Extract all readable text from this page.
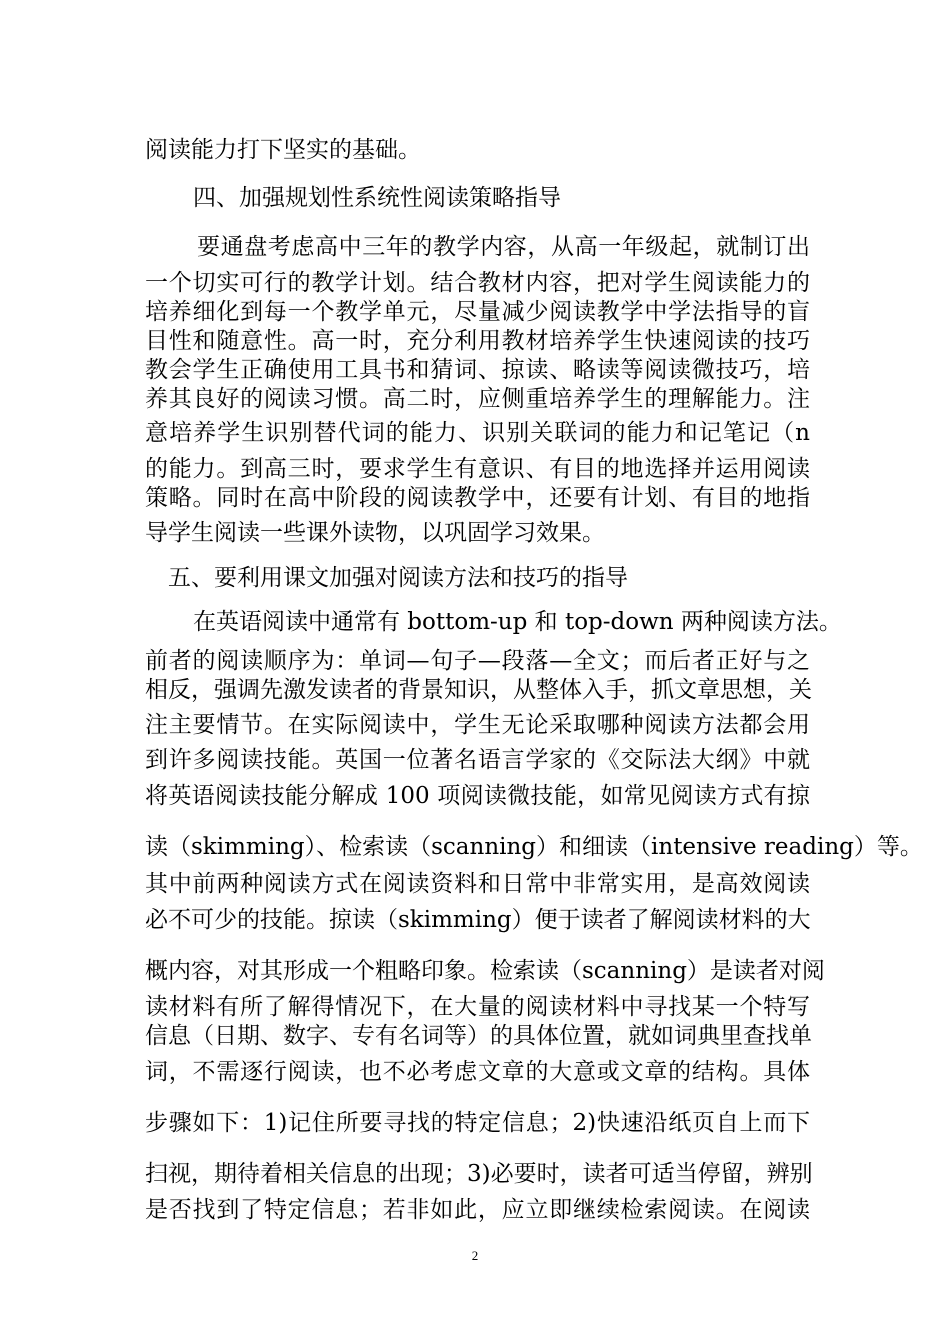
阅读能力打下坚实的基础。
四、加强规划性系统性阅读策略指导
要通盘考虑高中三年的教学内容，从高一年级起，就制订出
一个切实可行的教学计划。结合教材内容，把对学生阅读能力的
培养细化到每一个教学单元，尽量减少阅读教学中学法指导的盲
目性和随意性。高一时，充分利用教材培养学生快速阅读的技巧
教会学生正确使用工具书和猜词、掠读、略读等阅读微技巧，培
养其良好的阅读习惯。高二时，应侧重培养学生的理解能力。注
意培养学生识别替代词的能力、识别关联词的能力和记笔记（n
的能力。到高三时，要求学生有意识、有目的地选择并运用阅读
策略。同时在高中阶段的阅读教学中，还要有计划、有目的地指
导学生阅读一些课外读物，以巩固学习效果。
五、要利用课文加强对阅读方法和技巧的指导
在英语阅读中通常有 bottom-up 和 top-down 两种阅读方法。
前者的阅读顺序为：单词—句子—段落—全文；而后者正好与之
相反，强调先激发读者的背景知识，从整体入手，抓文章思想，关
注主要情节。在实际阅读中，学生无论采取哪种阅读方法都会用
到许多阅读技能。英国一位著名语言学家的《交际法大纲》中就
将英语阅读技能分解成 100 项阅读微技能，如常见阅读方式有掠
读（skimming）、检索读（scanning）和细读（intensive reading）等。
其中前两种阅读方式在阅读资料和日常中非常实用，是高效阅读
必不可少的技能。掠读（skimming）便于读者了解阅读材料的大
概内容，对其形成一个粗略印象。检索读（scanning）是读者对阅
读材料有所了解得情况下，在大量的阅读材料中寻找某一个特写
信息（日期、数字、专有名词等）的具体位置，就如词典里查找单
词，不需逐行阅读，也不必考虑文章的大意或文章的结构。具体
步骤如下：1)记住所要寻找的特定信息；2)快速沿纸页自上而下
扫视，期待着相关信息的出现；3)必要时，读者可适当停留，辨别
是否找到了特定信息；若非如此，应立即继续检索阅读。在阅读
2
